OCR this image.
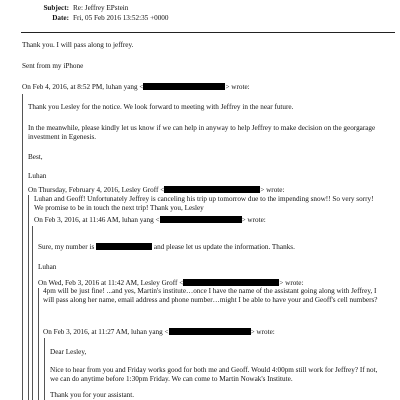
Subject: Re: Jeffrey EPstein
Date: Fri, 05 Feb 2016 13:52:35 +0000
Thank you. I will pass along to jeffrey.
Sent from my iPhone
On Feb 4, 2016, at 8:52 PM, luhan yang <	> wrote:
Thank you Lesley for the notice. We look forward to meeting with Jeffrey in the near future.
In the meanwhile, please kindly let us know if we can help in anyway to help Jeffrey to make decision on the georgarage investment in Egenesis.
Best,
Luhan
On Thursday, February 4, 2016, Lesley Groff <	> wrote:
Luhan and Geoff! Unfortunately Jeffrey is canceling his trip up tomorrow due to the impending snow!! So very sorry! We promise to be in touch the next trip! Thank you, Lesley
On Feb 3, 2016, at 11:46 AM, luhan yang <	> wrote:
Sure, my number is	and please let us update the information. Thanks.
Luhan
On Wed, Feb 3, 2016 at 11:42 AM, Lesley Groff <	> wrote:
4pm will be just fine! ...and yes, Martin's institute…once I have the name of the assistant going along with Jeffrey, I will pass along her name, email address and phone number…might I be able to have your and Geoff's cell numbers?
On Feb 3, 2016, at 11:27 AM, luhan yang <	> wrote:
Dear Lesley,
Nice to hear from you and Friday works good for both me and Geoff. Would 4:00pm still work for Jeffrey? If not, we can do anytime before 1:30pm Friday. We can come to Martin Nowak's Institute.
Thank you for your assistant.
